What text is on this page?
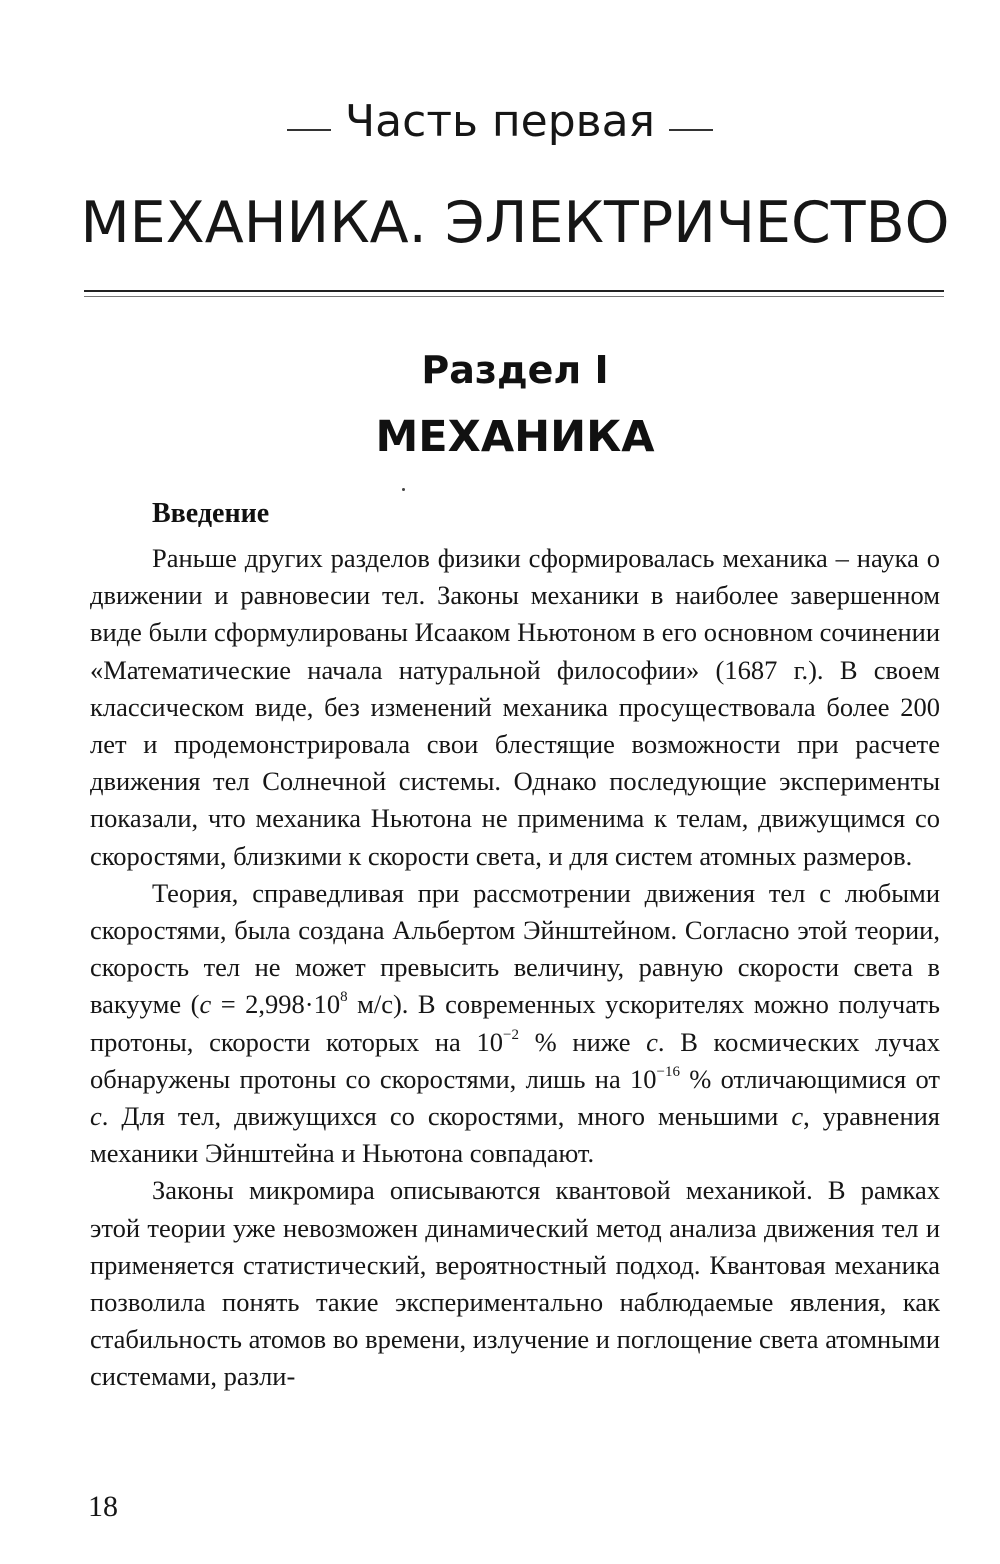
Часть первая
МЕХАНИКА. ЭЛЕКТРИЧЕСТВО
Раздел I
МЕХАНИКА
Введение

Раньше других разделов физики сформировалась механика – наука о движении и равновесии тел. Законы механики в наиболее завершенном виде были сформулированы Исааком Ньютоном в его основном сочинении «Математические начала натуральной философии» (1687 г.). В своем классическом виде, без изменений механика просуществовала более 200 лет и продемонстрировала свои блестящие возможности при расчете движения тел Солнечной системы. Однако последующие эксперименты показали, что механика Ньютона не применима к телам, движущимся со скоростями, близкими к скорости света, и для систем атомных размеров.

Теория, справедливая при рассмотрении движения тел с любыми скоростями, была создана Альбертом Эйнштейном. Согласно этой теории, скорость тел не может превысить величину, равную скорости света в вакууме ($c = 2,998\cdot 10^8$ м/с). В современных ускорителях можно получать протоны, скорости которых на $10^{-2}$ % ниже c. В космических лучах обнаружены протоны со скоростями, лишь на $10^{-16}$ % отличающимися от c. Для тел, движущихся со скоростями, много меньшими c, уравнения механики Эйнштейна и Ньютона совпадают.

Законы микромира описываются квантовой механикой. В рамках этой теории уже невозможен динамический метод анализа движения тел и применяется статистический, вероятностный подход. Квантовая механика позволила понять такие экспериментально наблюдаемые явления, как стабильность атомов во времени, излучение и поглощение света атомными системами, разли-

18
